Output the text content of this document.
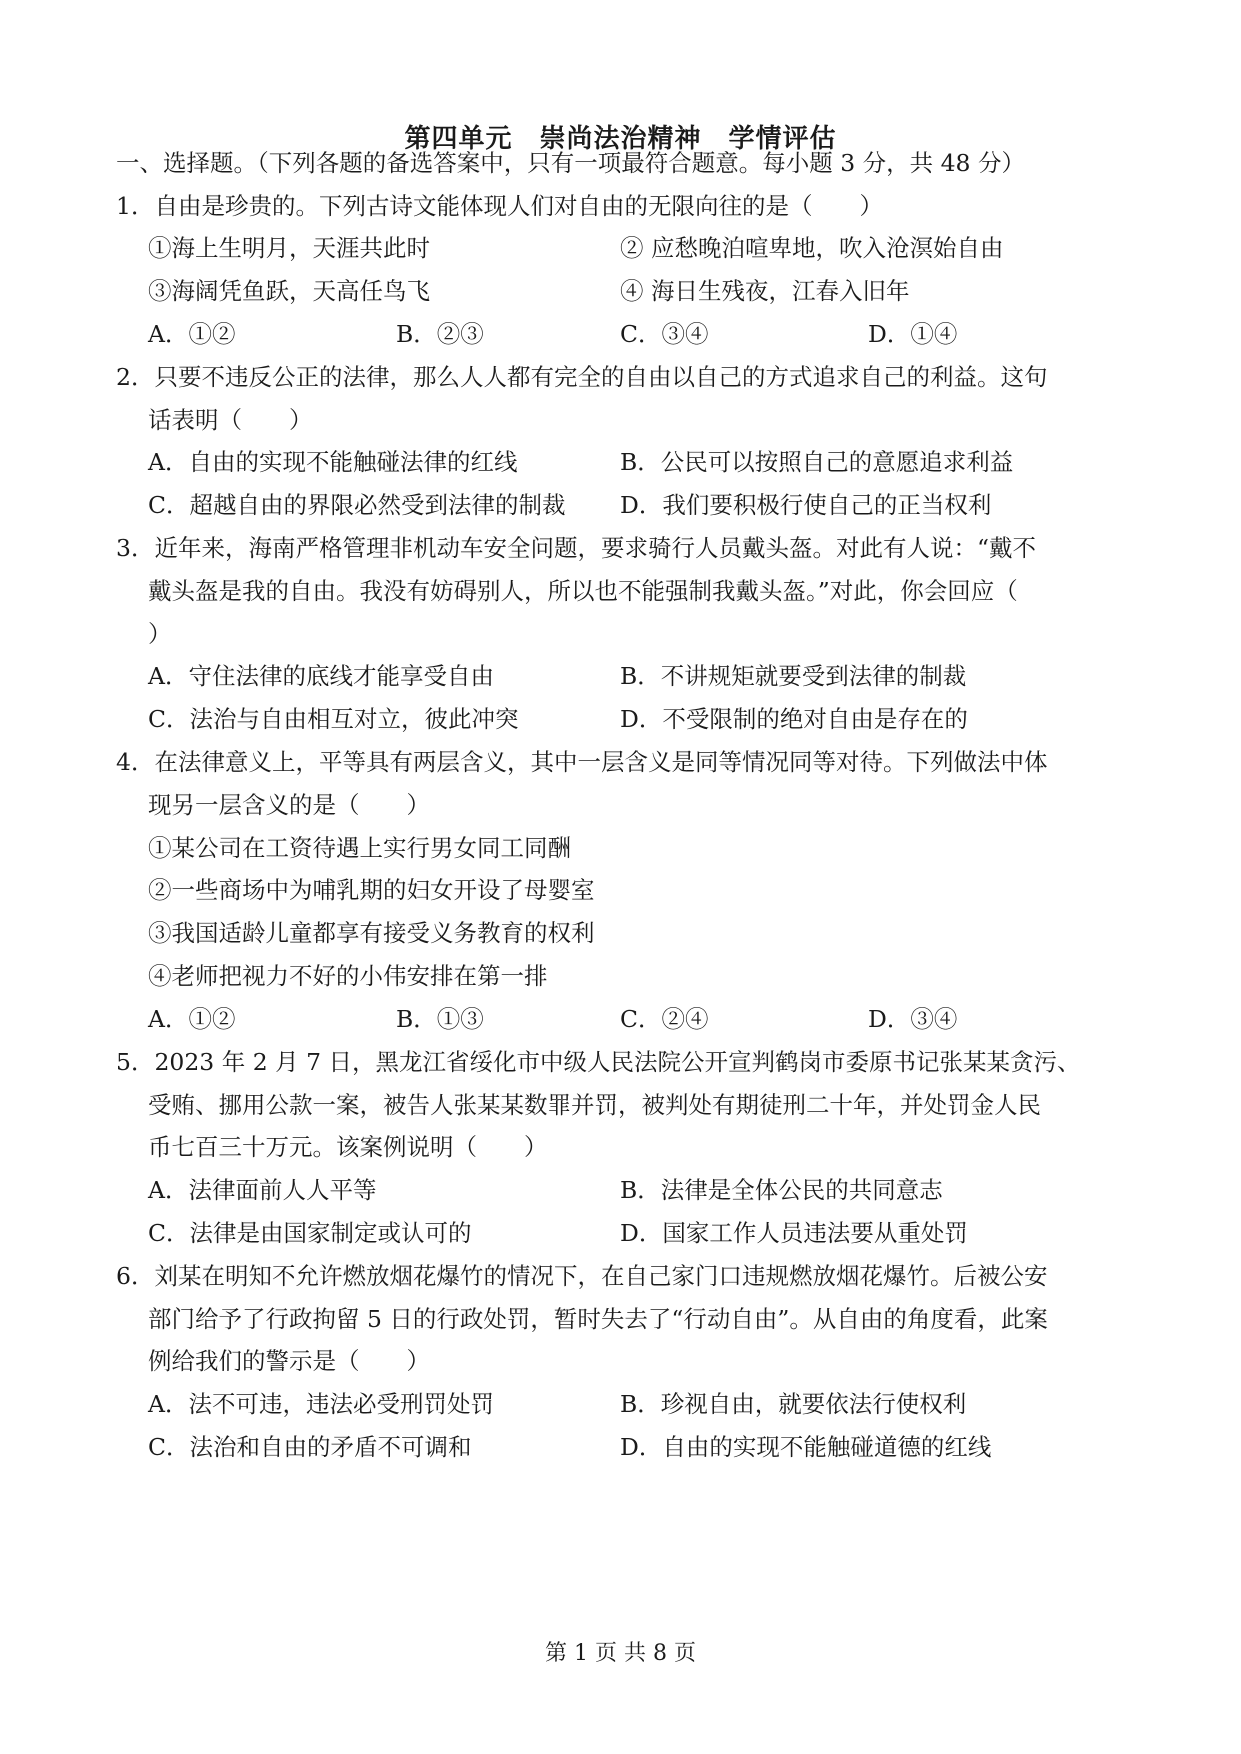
第四单元　崇尚法治精神　学情评估
一、选择题。（下列各题的备选答案中，只有一项最符合题意。每小题 3 分，共 48 分）
1．自由是珍贵的。下列古诗文能体现人们对自由的无限向往的是（　　）
①海上生明月，天涯共此时	② 应愁晚泊喧卑地，吹入沧溟始自由
③海阔凭鱼跃，天高任鸟飞	④ 海日生残夜，江春入旧年
A．①②	B．②③	C．③④	D．①④
2．只要不违反公正的法律，那么人人都有完全的自由以自己的方式追求自己的利益。这句
话表明（　　）
A．自由的实现不能触碰法律的红线	B．公民可以按照自己的意愿追求利益
C．超越自由的界限必然受到法律的制裁 D．我们要积极行使自己的正当权利
3．近年来，海南严格管理非机动车安全问题，要求骑行人员戴头盔。对此有人说：“戴不
戴头盔是我的自由。我没有妨碍别人，所以也不能强制我戴头盔。”对此，你会回应（
）
A．守住法律的底线才能享受自由	B．不讲规矩就要受到法律的制裁
C．法治与自由相互对立，彼此冲突	D．不受限制的绝对自由是存在的
4．在法律意义上，平等具有两层含义，其中一层含义是同等情况同等对待。下列做法中体
现另一层含义的是（　　）
①某公司在工资待遇上实行男女同工同酬
②一些商场中为哺乳期的妇女开设了母婴室
③我国适龄儿童都享有接受义务教育的权利
④老师把视力不好的小伟安排在第一排
A．①②	B．①③	C．②④	D．③④
5．2023 年 2 月 7 日，黑龙江省绥化市中级人民法院公开宣判鹤岗市委原书记张某某贪污、
受贿、挪用公款一案，被告人张某某数罪并罚，被判处有期徒刑二十年，并处罚金人民
币七百三十万元。该案例说明（　　）
A．法律面前人人平等	B．法律是全体公民的共同意志
C．法律是由国家制定或认可的	D．国家工作人员违法要从重处罚
6．刘某在明知不允许燃放烟花爆竹的情况下，在自己家门口违规燃放烟花爆竹。后被公安
部门给予了行政拘留 5 日的行政处罚，暂时失去了“行动自由”。从自由的角度看，此案
例给我们的警示是（　　）
A．法不可违，违法必受刑罚处罚	B．珍视自由，就要依法行使权利
C．法治和自由的矛盾不可调和	D．自由的实现不能触碰道德的红线
第 1 页 共 8 页
